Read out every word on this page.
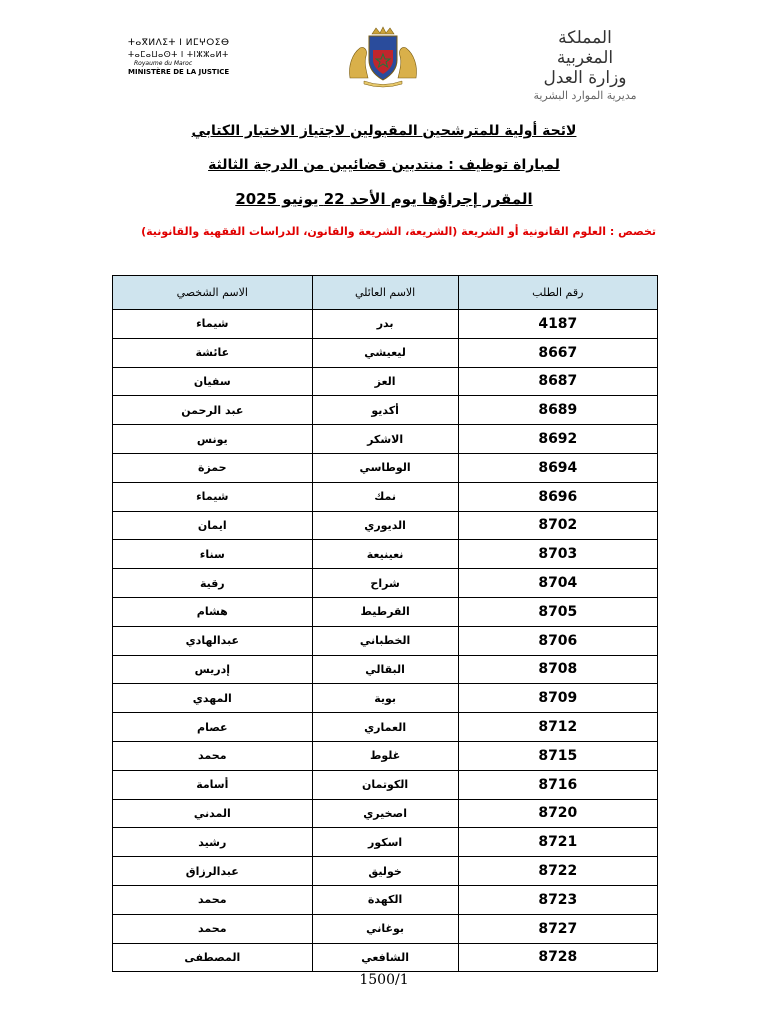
ⵜⴰⴳⵍⴷⵉⵜ ⵏ ⵍⵎⵖⵔⵉⴱ
ⵜⴰⵎⴰⵡⴰⵙⵜ ⵏ ⵜⵏⵣⵣⴰⵍⵜ
Royaume du Maroc
MINISTÈRE DE LA JUSTICE
المملكة المغربية
وزارة العدل
مديرية الموارد البشرية
لائحة أولية للمترشحين المقبولين لاجتياز الاختبار الكتابي
لمباراة توظيف : منتدبين قضائيين من الدرجة الثالثة
المقرر إجراؤها يوم الأحد 22 يونيو 2025
تخصص : العلوم القانونية أو الشريعة (الشريعة، الشريعة والقانون، الدراسات الفقهية والقانونية)
رقم الطلب	الاسم العائلي	الاسم الشخصي
4187	بدر	شيماء
8667	ليعيشي	عائشة
8687	العز	سفيان
8689	أكديو	عبد الرحمن
8692	الاشكر	يونس
8694	الوطاسي	حمزة
8696	نمك	شيماء
8702	الديوري	ايمان
8703	نعينيعة	سناء
8704	شراح	رقية
8705	القرطيط	هشام
8706	الخطباني	عبدالهادي
8708	البقالي	إدريس
8709	بوية	المهدي
8712	العماري	عصام
8715	غلوط	محمد
8716	الكوتمان	أسامة
8720	اصخيري	المدني
8721	اسكور	رشيد
8722	خوليق	عبدالرزاق
8723	الكهدة	محمد
8727	بوغاني	محمد
8728	الشافعي	المصطفى
1500/1
